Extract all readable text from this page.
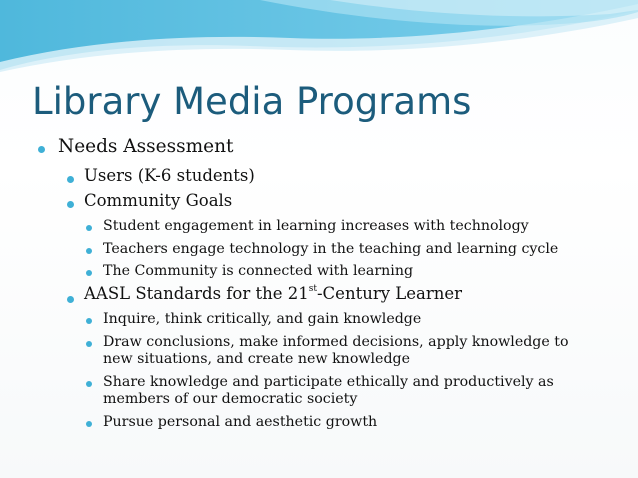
Library Media Programs
Needs Assessment
Users (K-6 students)
Community Goals
Student engagement in learning increases with technology
Teachers engage technology in the teaching and learning cycle
The Community is connected with learning
AASL Standards for the 21st-Century Learner
Inquire, think critically, and gain knowledge
Draw conclusions, make informed decisions, apply knowledge to
new situations, and create new knowledge
Share knowledge and participate ethically and productively as
members of our democratic society
Pursue personal and aesthetic growth
